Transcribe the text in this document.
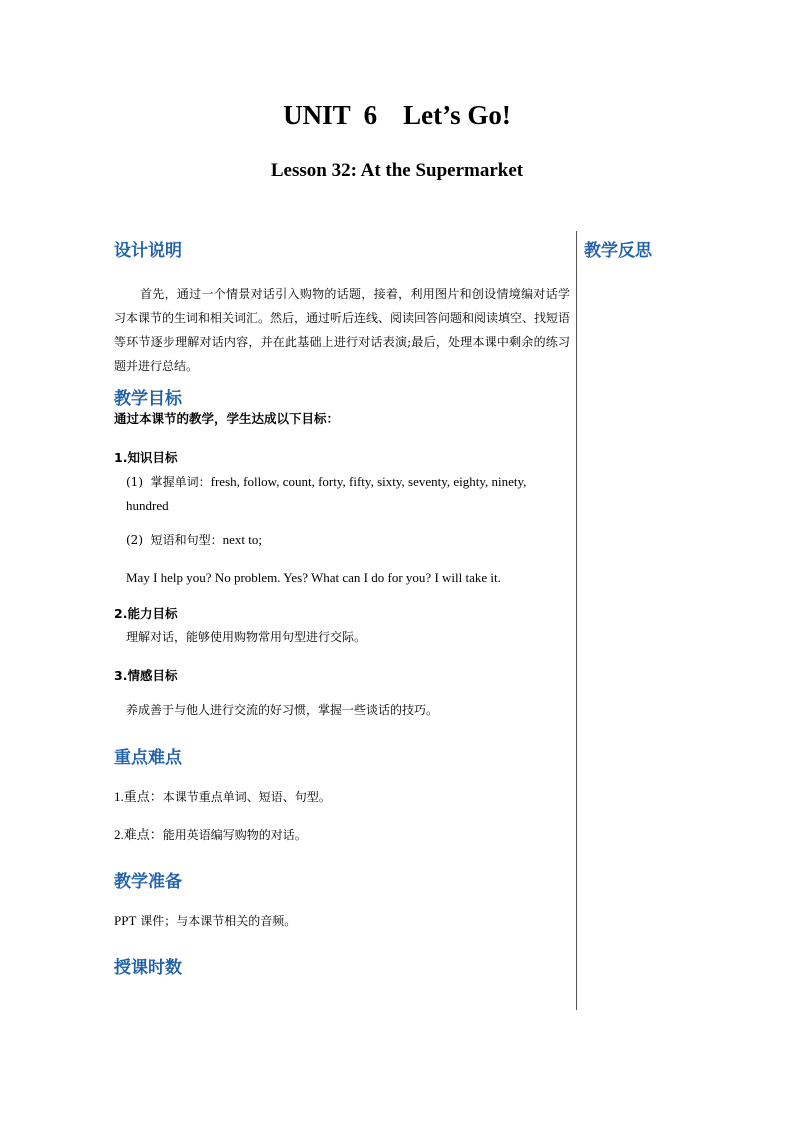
UNIT  6 Let’s Go!
Lesson 32: At the Supermarket
设计说明
首先，通过一个情景对话引入购物的话题，接着，利用图片和创设情境编对话学习本课节的生词和相关词汇。然后，通过听后连线、阅读回答问题和阅读填空、找短语等环节逐步理解对话内容，并在此基础上进行对话表演;最后，处理本课中剩余的练习题并进行总结。
教学目标
通过本课节的教学，学生达成以下目标：
1.知识目标
(1)  掌握单词：fresh, follow, count, forty, fifty, sixty, seventy, eighty, ninety, hundred
(2)  短语和句型：next to;
May I help you? No problem. Yes? What can I do for you? I will take it.
2.能力目标
理解对话，能够使用购物常用句型进行交际。
3.情感目标
养成善于与他人进行交流的好习惯，掌握一些谈话的技巧。
重点难点
1.重点：本课节重点单词、短语、句型。
2.难点：能用英语编写购物的对话。
教学准备
PPT 课件；与本课节相关的音频。
授课时数
教学反思
